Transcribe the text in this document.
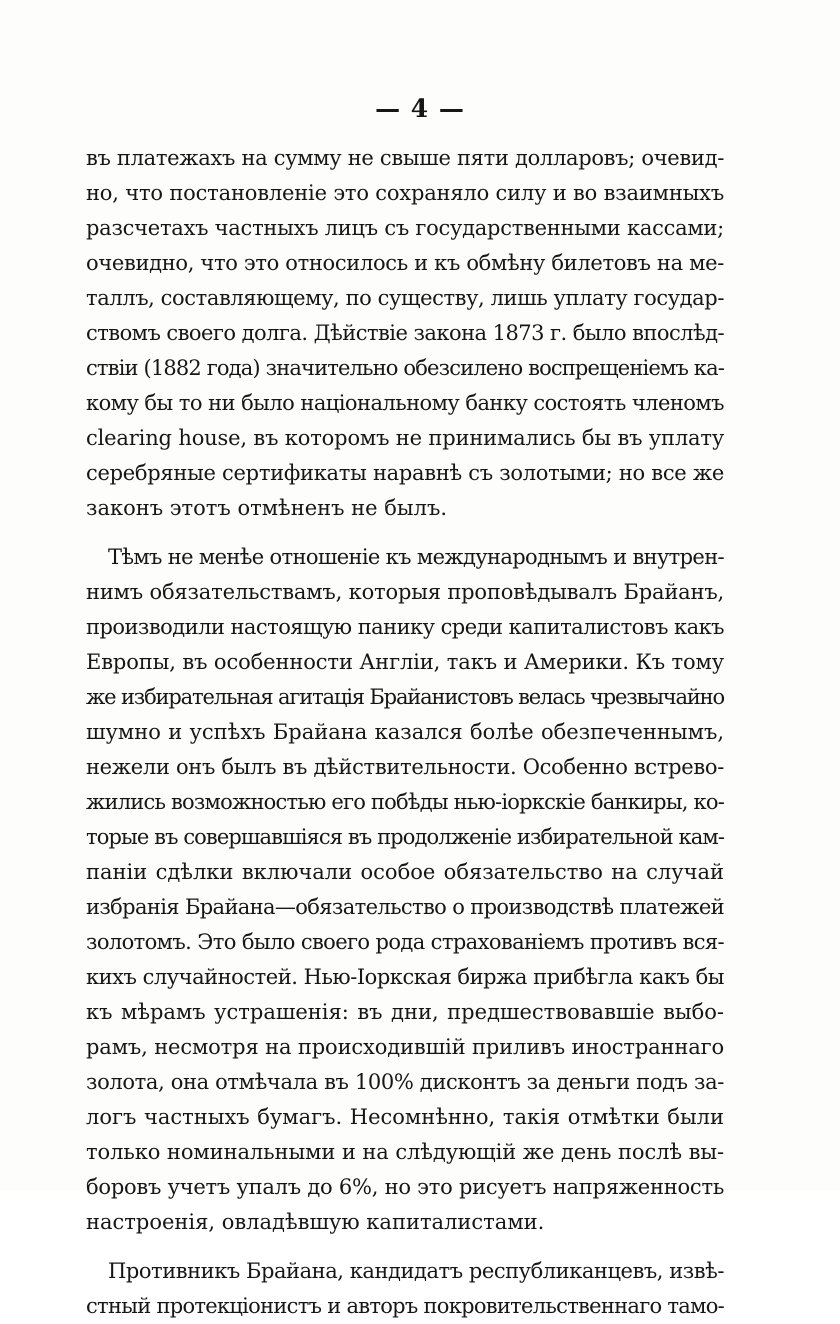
— 4 —
въ платежахъ на сумму не свыше пяти долларовъ; очевид-
но, что постановленіе это сохраняло силу и во взаимныхъ
разсчетахъ частныхъ лицъ съ государственными кассами;
очевидно, что это относилось и къ обмѣну билетовъ на ме-
таллъ, составляющему, по существу, лишь уплату государ-
ствомъ своего долга. Дѣйствіе закона 1873 г. было впослѣд-
ствіи (1882 года) значительно обезсилено воспрещеніемъ ка-
кому бы то ни было національному банку состоять членомъ
clearing house, въ которомъ не принимались бы въ уплату
серебряные сертификаты наравнѣ съ золотыми; но все же
законъ этотъ отмѣненъ не былъ.
Тѣмъ не менѣе отношеніе къ международнымъ и внутрен-
нимъ обязательствамъ, которыя проповѣдывалъ Брайанъ,
производили настоящую панику среди капиталистовъ какъ
Европы, въ особенности Англіи, такъ и Америки. Къ тому
же избирательная агитація Брайанистовъ велась чрезвычайно
шумно и успѣхъ Брайана казался болѣе обезпеченнымъ,
нежели онъ былъ въ дѣйствительности. Особенно встрево-
жились возможностью его побѣды нью-іоркскіе банкиры, ко-
торые въ совершавшіяся въ продолженіе избирательной кам-
паніи сдѣлки включали особое обязательство на случай
избранія Брайана—обязательство о производствѣ платежей
золотомъ. Это было своего рода страхованіемъ противъ вся-
кихъ случайностей. Нью-Іоркская биржа прибѣгла какъ бы
къ мѣрамъ устрашенія: въ дни, предшествовавшіе выбо-
рамъ, несмотря на происходившій приливъ иностраннаго
золота, она отмѣчала въ 100% дисконтъ за деньги подъ за-
логъ частныхъ бумагъ. Несомнѣнно, такія отмѣтки были
только номинальными и на слѣдующій же день послѣ вы-
боровъ учетъ упалъ до 6%, но это рисуетъ напряженность
настроенія, овладѣвшую капиталистами.
Противникъ Брайана, кандидатъ республиканцевъ, извѣ-
стный протекціонистъ и авторъ покровительственнаго тамо-
